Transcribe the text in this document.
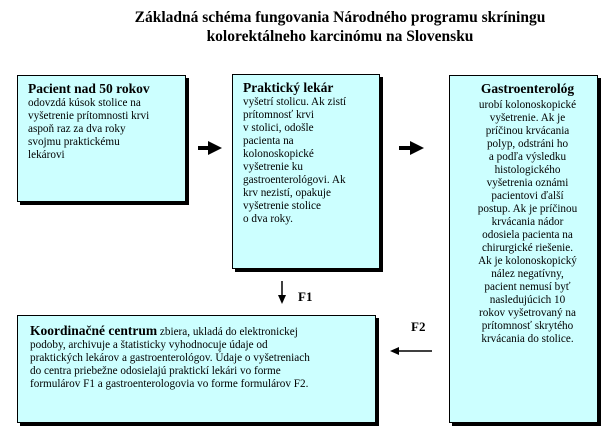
Základná schéma fungovania Národného programu skríningu
kolorektálneho karcinómu na Slovensku
Pacient nad 50 rokov
odovzdá kúsok stolice na
vyšetrenie prítomnosti krvi
aspoň raz za dva roky
svojmu praktickému
lekárovi
Praktický lekár
vyšetrí stolicu. Ak zistí
prítomnosť krvi
v stolici, odošle
pacienta na
kolonoskopické
vyšetrenie ku
gastroenterológovi. Ak
krv nezistí, opakuje
vyšetrenie stolice
o dva roky.
Gastroenterológ
urobí kolonoskopické
vyšetrenie. Ak je
príčinou krvácania
polyp, odstráni ho
a podľa výsledku
histologického
vyšetrenia oznámi
pacientovi ďalší
postup. Ak je príčinou
krvácania nádor
odosiela pacienta na
chirurgické riešenie.
Ak je kolonoskopický
nález negatívny,
pacient nemusí byť
nasledujúcich 10
rokov vyšetrovaný na
prítomnosť skrytého
krvácania do stolice.
Koordinačné centrum zbiera, ukladá do elektronickej
podoby, archivuje a štatisticky vyhodnocuje údaje od
praktických lekárov a gastroenterológov. Údaje o vyšetreniach
do centra priebežne odosielajú praktickí lekári vo forme
formulárov F1 a gastroenterologovia vo forme formulárov F2.
F1
F2
